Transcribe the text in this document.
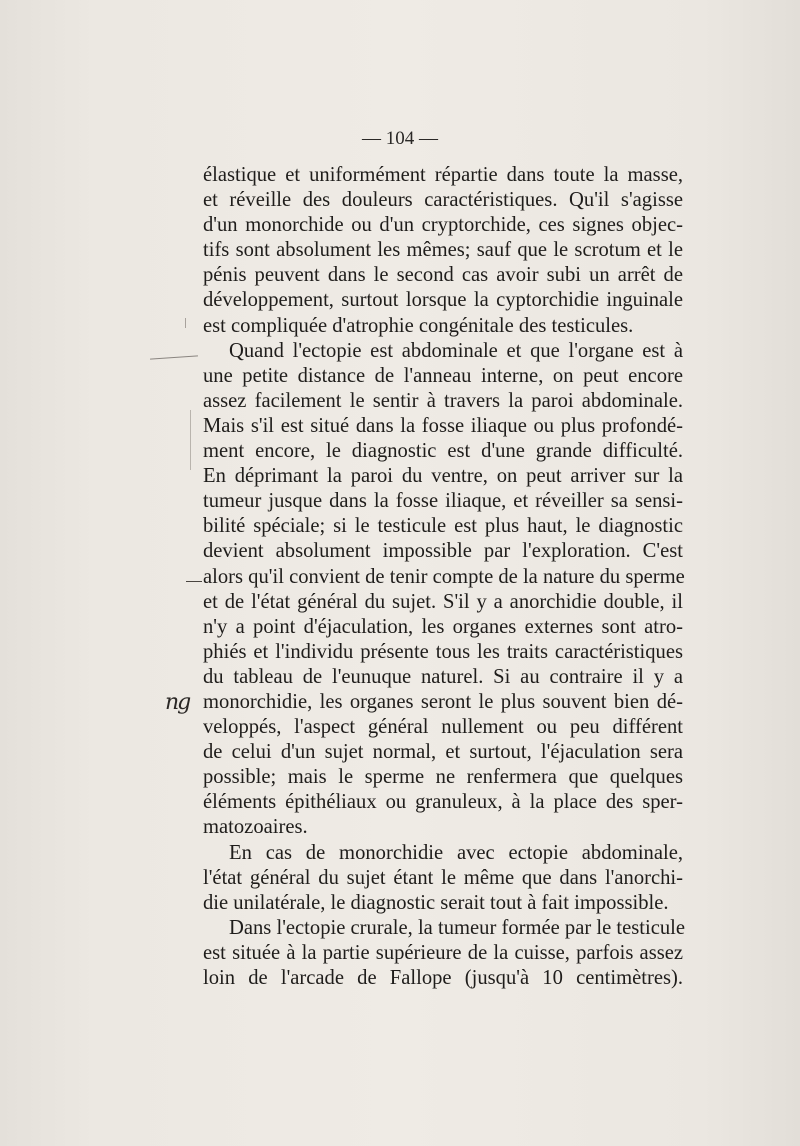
— 104 —
ng

élastique et uniformément répartie dans toute la masse,
et réveille des douleurs caractéristiques. Qu'il s'agisse
d'un monorchide ou d'un cryptorchide, ces signes objec-
tifs sont absolument les mêmes; sauf que le scrotum et le
pénis peuvent dans le second cas avoir subi un arrêt de
développement, surtout lorsque la cyptorchidie inguinale
est compliquée d'atrophie congénitale des testicules.

Quand l'ectopie est abdominale et que l'organe est à
une petite distance de l'anneau interne, on peut encore
assez facilement le sentir à travers la paroi abdominale.
Mais s'il est situé dans la fosse iliaque ou plus profondé-
ment encore, le diagnostic est d'une grande difficulté.
En déprimant la paroi du ventre, on peut arriver sur la
tumeur jusque dans la fosse iliaque, et réveiller sa sensi-
bilité spéciale; si le testicule est plus haut, le diagnostic
devient absolument impossible par l'exploration. C'est
alors qu'il convient de tenir compte de la nature du sperme
et de l'état général du sujet. S'il y a anorchidie double, il
n'y a point d'éjaculation, les organes externes sont atro-
phiés et l'individu présente tous les traits caractéristiques
du tableau de l'eunuque naturel. Si au contraire il y a
monorchidie, les organes seront le plus souvent bien dé-
veloppés, l'aspect général nullement ou peu différent
de celui d'un sujet normal, et surtout, l'éjaculation sera
possible; mais le sperme ne renfermera que quelques
éléments épithéliaux ou granuleux, à la place des sper-
matozoaires.

En cas de monorchidie avec ectopie abdominale,
l'état général du sujet étant le même que dans l'anorchi-
die unilatérale, le diagnostic serait tout à fait impossible.

Dans l'ectopie crurale, la tumeur formée par le testicule
est située à la partie supérieure de la cuisse, parfois assez
loin de l'arcade de Fallope (jusqu'à 10 centimètres).
